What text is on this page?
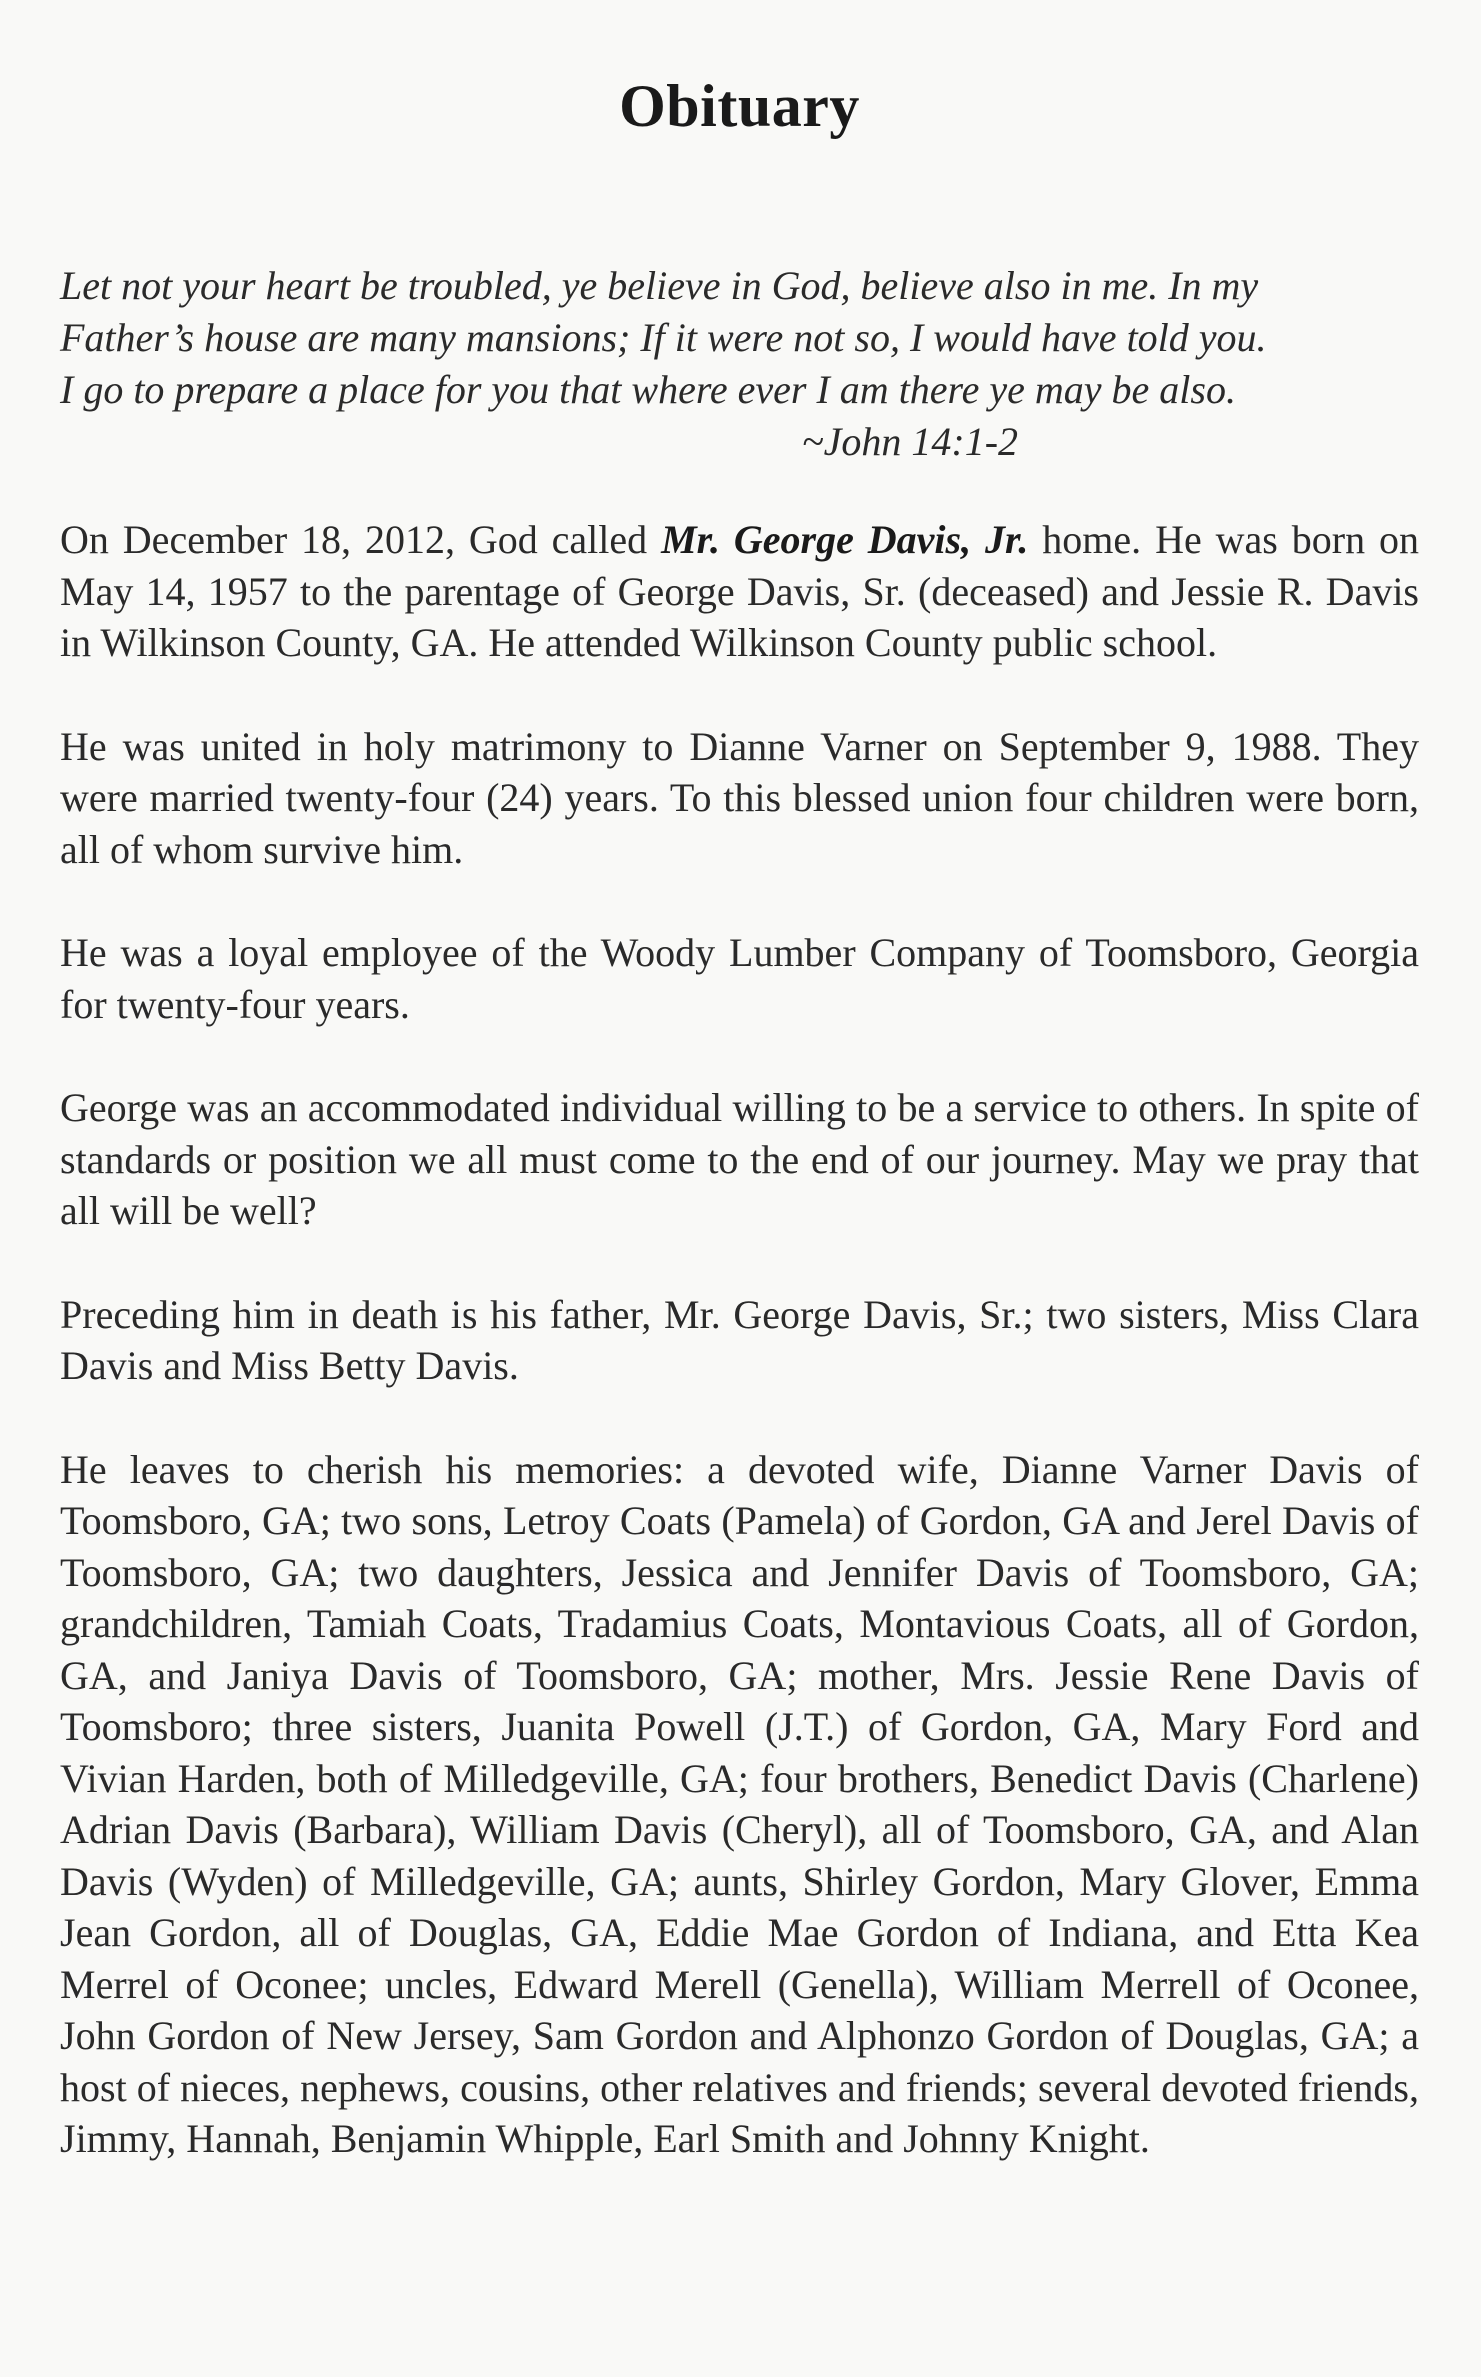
Obituary

Let not your heart be troubled, ye believe in God, believe also in me. In my
Father’s house are many mansions; If it were not so, I would have told you.
I go to prepare a place for you that where ever I am there ye may be also.

~John 14:1-2

On December 18, 2012, God called Mr. George Davis, Jr. home. He was born on May 14, 1957 to the parentage of George Davis, Sr. (deceased) and Jessie R. Davis in Wilkinson County, GA. He attended Wilkinson County public school.

He was united in holy matrimony to Dianne Varner on September 9, 1988. They were married twenty-four (24) years. To this blessed union four children were born, all of whom survive him.

He was a loyal employee of the Woody Lumber Company of Toomsboro, Georgia for twenty-four years.

George was an accommodated individual willing to be a service to others. In spite of standards or position we all must come to the end of our journey. May we pray that all will be well?

Preceding him in death is his father, Mr. George Davis, Sr.; two sisters, Miss Clara Davis and Miss Betty Davis.

He leaves to cherish his memories: a devoted wife, Dianne Varner Davis of Toomsboro, GA; two sons, Letroy Coats (Pamela) of Gordon, GA and Jerel Davis of Toomsboro, GA; two daughters, Jessica and Jennifer Davis of Toomsboro, GA; grandchildren, Tamiah Coats, Tradamius Coats, Montavious Coats, all of Gordon, GA, and Janiya Davis of Toomsboro, GA; mother, Mrs. Jessie Rene Davis of Toomsboro; three sisters, Juanita Powell (J.T.) of Gordon, GA, Mary Ford and Vivian Harden, both of Milledgeville, GA; four brothers, Benedict Davis (Charlene) Adrian Davis (Barbara), William Davis (Cheryl), all of Toomsboro, GA, and Alan Davis (Wyden) of Milledgeville, GA; aunts, Shirley Gordon, Mary Glover, Emma Jean Gordon, all of Douglas, GA, Eddie Mae Gordon of Indiana, and Etta Kea Merrel of Oconee; uncles, Edward Merell (Genella), William Merrell of Oconee, John Gordon of New Jersey, Sam Gordon and Alphonzo Gordon of Douglas, GA; a host of nieces, nephews, cousins, other relatives and friends; several devoted friends, Jimmy, Hannah, Benjamin Whipple, Earl Smith and Johnny Knight.
